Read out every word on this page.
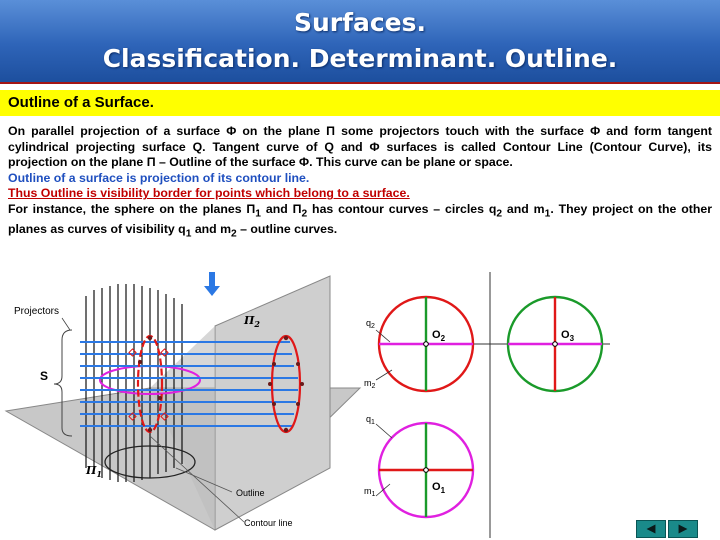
Surfaces.
Classification. Determinant. Outline.
Outline of a Surface.

On parallel projection of a surface Φ on the plane Π some projectors touch with the surface Φ and form tangent cylindrical projecting surface Q. Tangent curve of Q and Φ surfaces is called Contour Line (Contour Curve), its projection on the plane Π – Outline of the surface Φ. This curve can be plane or space.

Outline of a surface is projection of its contour line.

Thus Outline is visibility border for points which belong to a surface.

For instance, the sphere on the planes $\Pi_1$ and $\Pi_2$ has contour curves – circles $q_2$ and $m_1$. They project on the other planes as curves of visibility $q_1$ and $m_2$ – outline curves.

Projectors
S
$\Pi_2$
$\Pi_1$
Outline
Contour line
$q_2$
$m_2$
$q_1$
$m_1$
$O_2$	$O_3$
$O_1$
